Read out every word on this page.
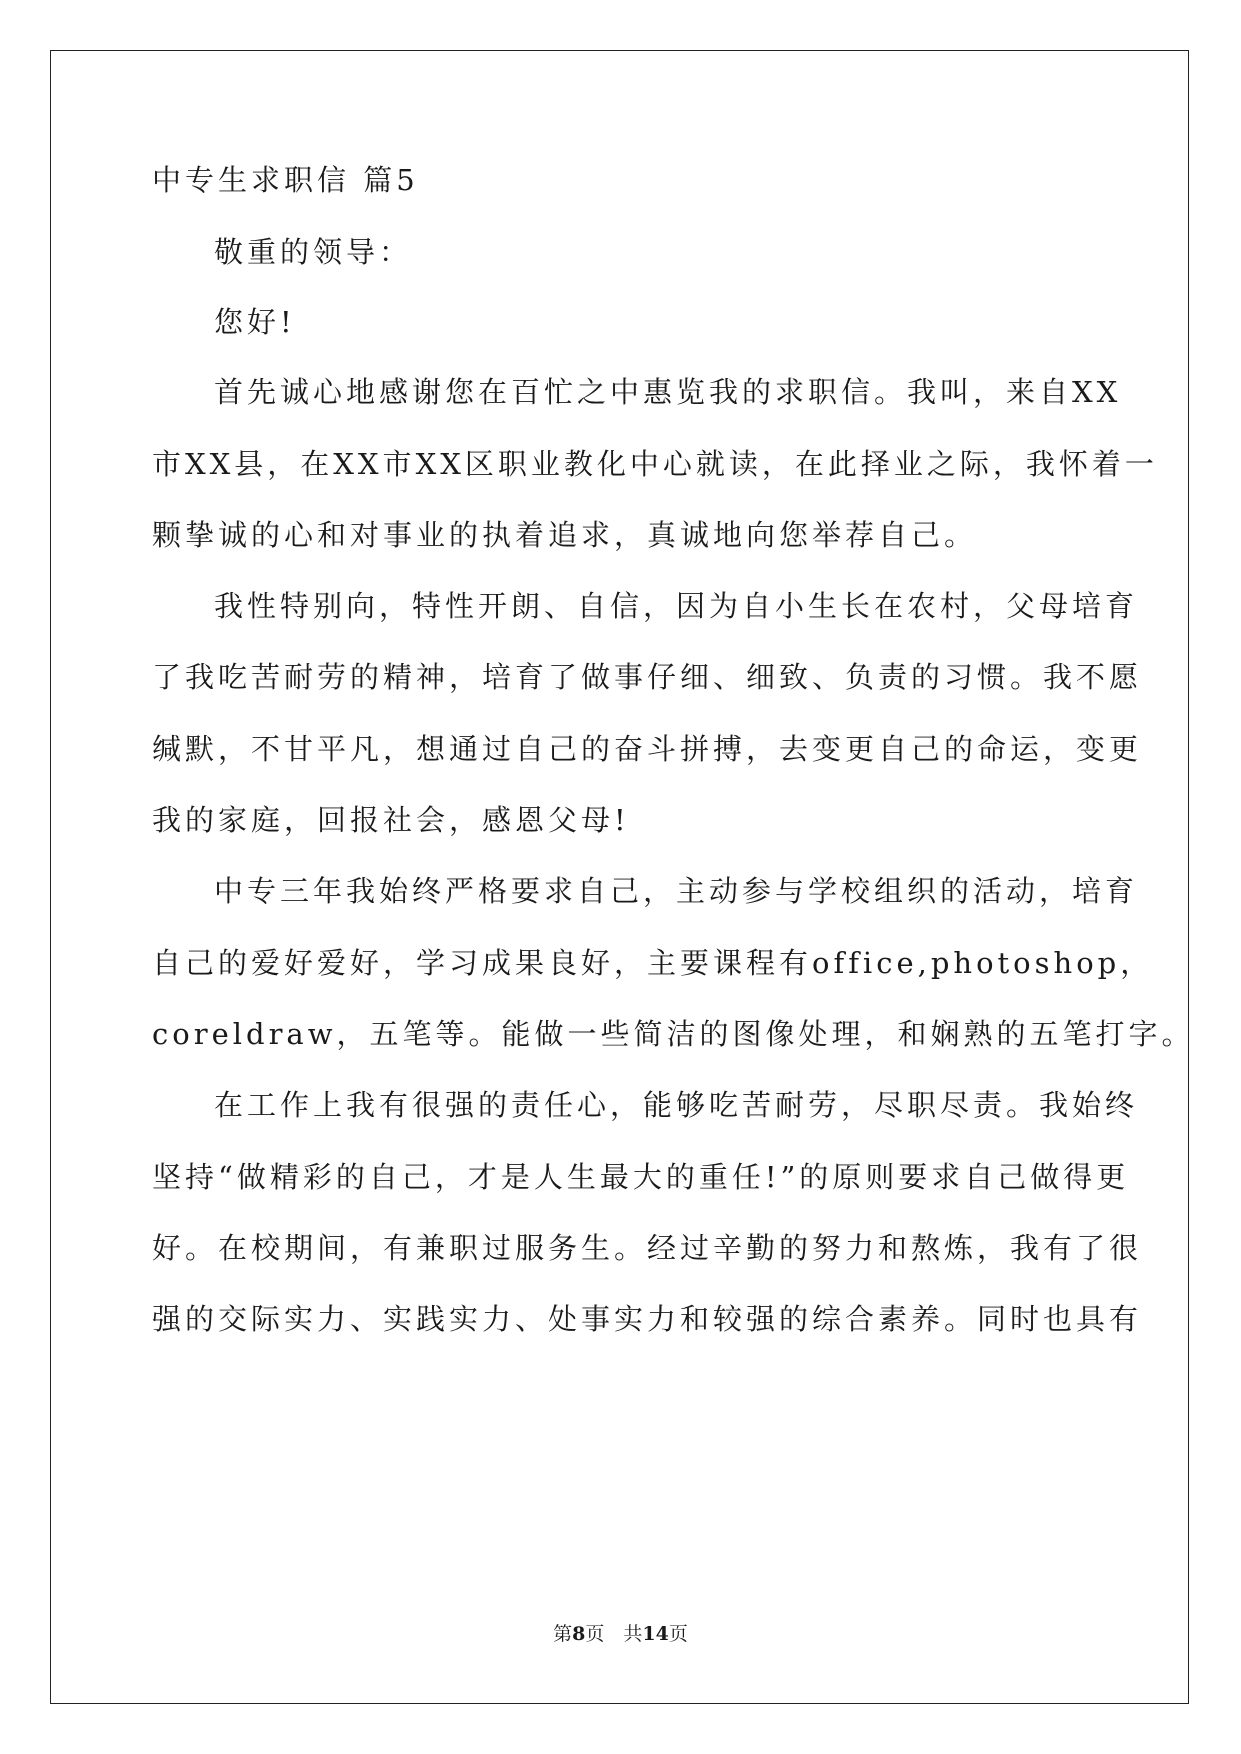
中专生求职信 篇5
敬重的领导：
您好!
首先诚心地感谢您在百忙之中惠览我的求职信。我叫，来自XX
市XX县，在XX市XX区职业教化中心就读，在此择业之际，我怀着一
颗挚诚的心和对事业的执着追求，真诚地向您举荐自己。
我性特别向，特性开朗、自信，因为自小生长在农村，父母培育
了我吃苦耐劳的精神，培育了做事仔细、细致、负责的习惯。我不愿
缄默，不甘平凡，想通过自己的奋斗拼搏，去变更自己的命运，变更
我的家庭，回报社会，感恩父母!
中专三年我始终严格要求自己，主动参与学校组织的活动，培育
自己的爱好爱好，学习成果良好，主要课程有office,photoshop，
coreldraw，五笔等。能做一些简洁的图像处理，和娴熟的五笔打字。
在工作上我有很强的责任心，能够吃苦耐劳，尽职尽责。我始终
坚持“做精彩的自己，才是人生最大的重任!”的原则要求自己做得更
好。在校期间，有兼职过服务生。经过辛勤的努力和熬炼，我有了很
强的交际实力、实践实力、处事实力和较强的综合素养。同时也具有
第8页　共14页
